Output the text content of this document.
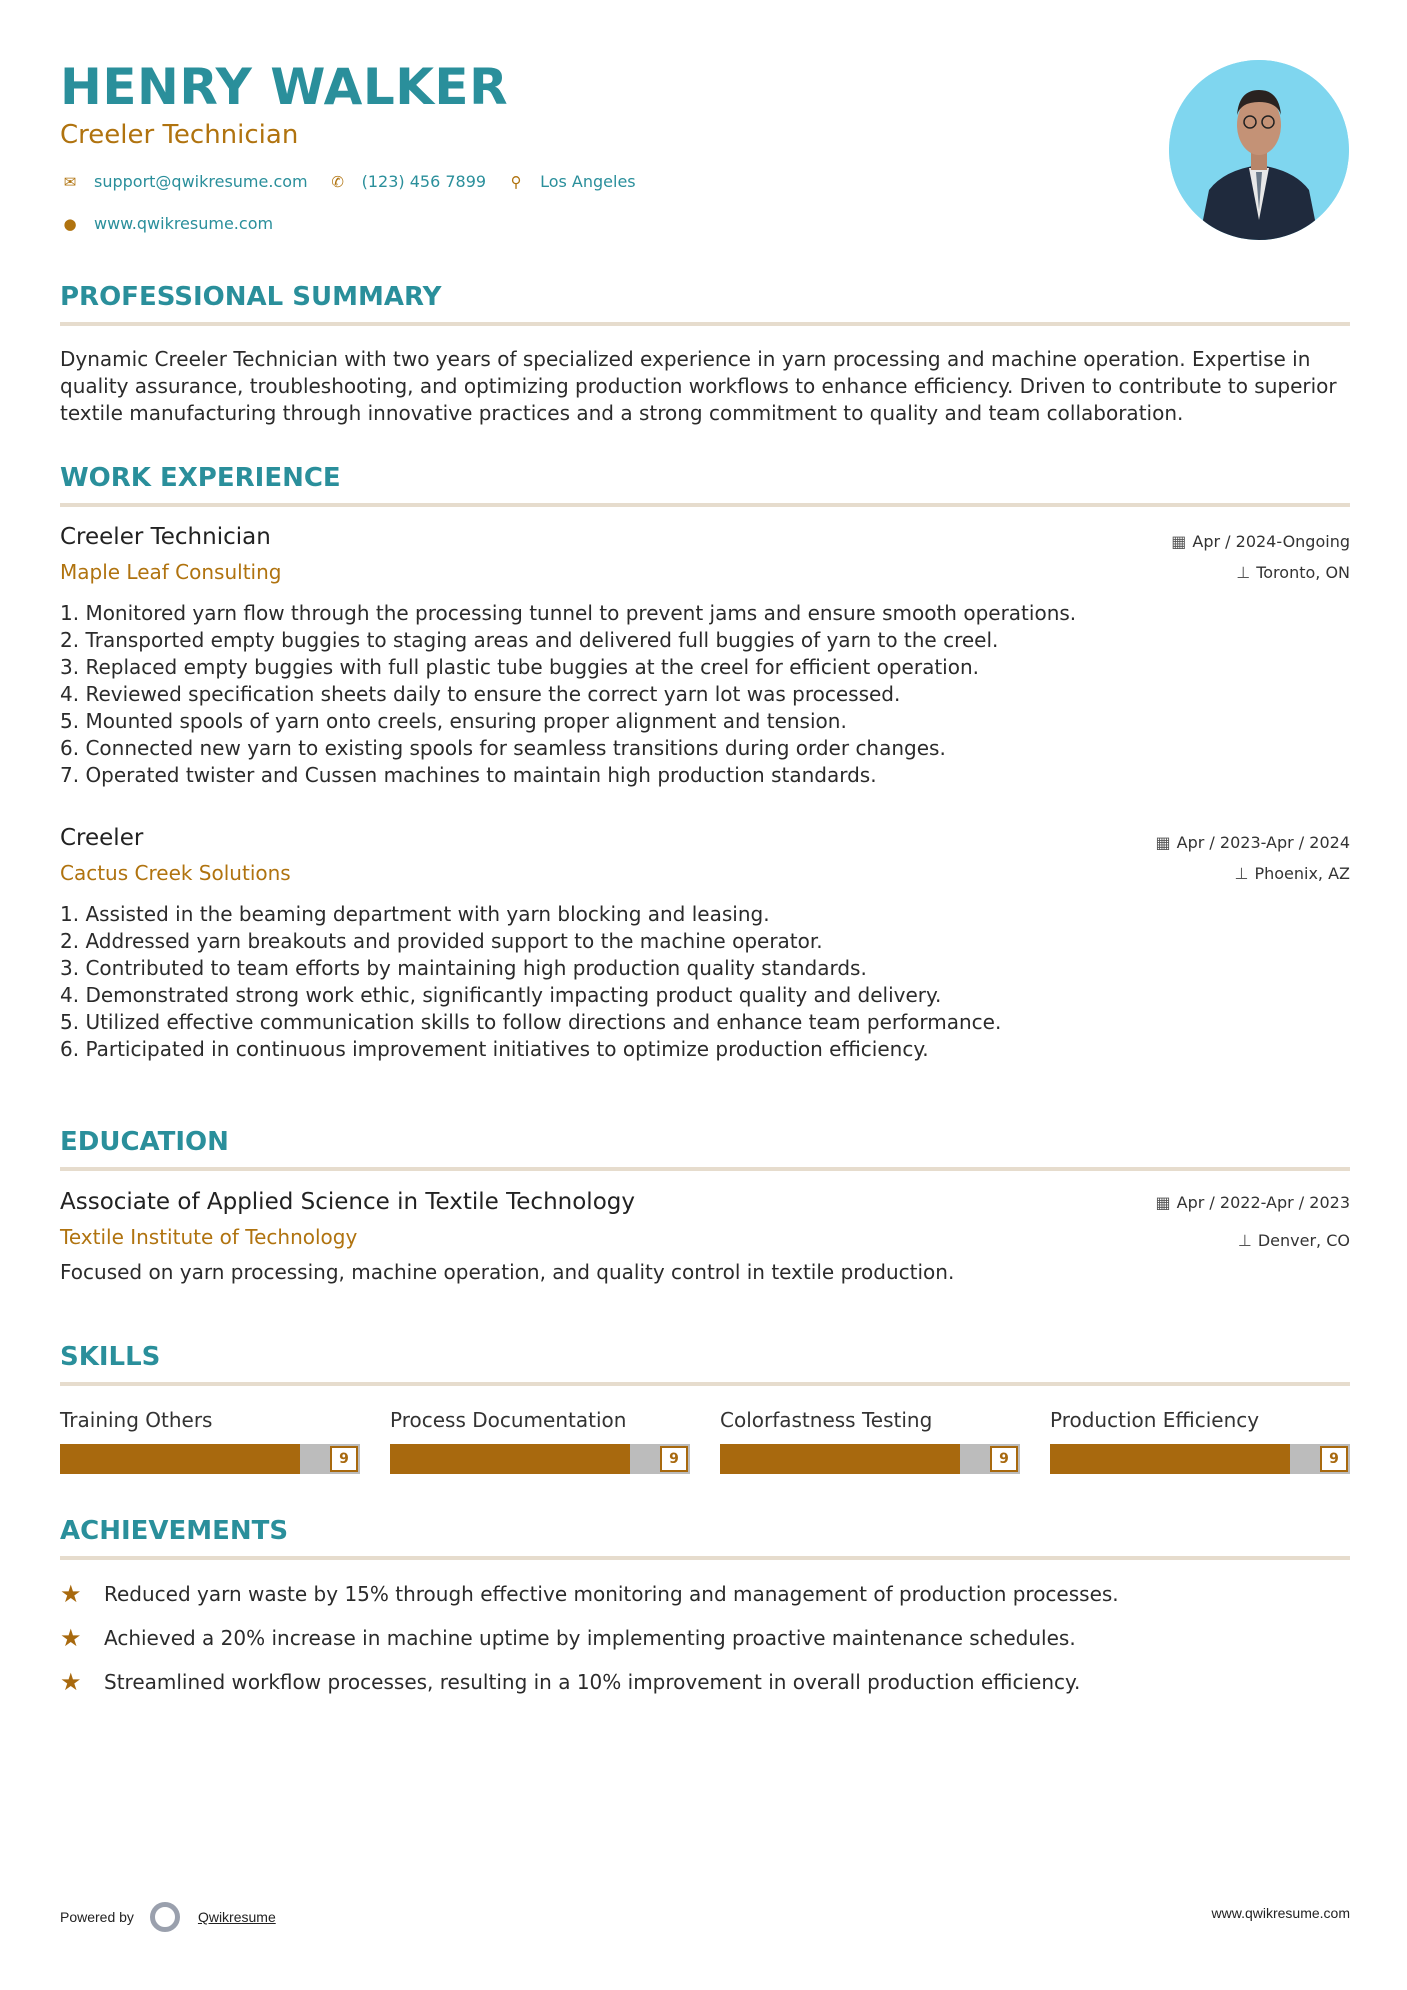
HENRY WALKER
Creeler Technician
✉ support@qwikresume.com ✆ (123) 456 7899	⚲ Los Angeles
● www.qwikresume.com
PROFESSIONAL SUMMARY
Dynamic Creeler Technician with two years of specialized experience in yarn processing and machine operation. Expertise in quality assurance, troubleshooting, and optimizing production workflows to enhance efficiency. Driven to contribute to superior textile manufacturing through innovative practices and a strong commitment to quality and team collaboration.
WORK EXPERIENCE
Creeler Technician
Maple Leaf Consulting
▦ Apr / 2024-Ongoing
⊥ Toronto, ON
1. Monitored yarn flow through the processing tunnel to prevent jams and ensure smooth operations.
2. Transported empty buggies to staging areas and delivered full buggies of yarn to the creel.
3. Replaced empty buggies with full plastic tube buggies at the creel for efficient operation.
4. Reviewed specification sheets daily to ensure the correct yarn lot was processed.
5. Mounted spools of yarn onto creels, ensuring proper alignment and tension.
6. Connected new yarn to existing spools for seamless transitions during order changes.
7. Operated twister and Cussen machines to maintain high production standards.
Creeler
Cactus Creek Solutions
▦ Apr / 2023-Apr / 2024
⊥ Phoenix, AZ
1. Assisted in the beaming department with yarn blocking and leasing.
2. Addressed yarn breakouts and provided support to the machine operator.
3. Contributed to team efforts by maintaining high production quality standards.
4. Demonstrated strong work ethic, significantly impacting product quality and delivery.
5. Utilized effective communication skills to follow directions and enhance team performance.
6. Participated in continuous improvement initiatives to optimize production efficiency.
EDUCATION
Associate of Applied Science in Textile Technology
Textile Institute of Technology
▦ Apr / 2022-Apr / 2023
⊥ Denver, CO
Focused on yarn processing, machine operation, and quality control in textile production.
SKILLS
Training Others
9
Process Documentation
9
Colorfastness Testing
9
Production Efficiency
9
ACHIEVEMENTS
★	Reduced yarn waste by 15% through effective monitoring and management of production processes.
★	Achieved a 20% increase in machine uptime by implementing proactive maintenance schedules.
★	Streamlined workflow processes, resulting in a 10% improvement in overall production efficiency.
Powered by	Qwikresume	www.qwikresume.com
